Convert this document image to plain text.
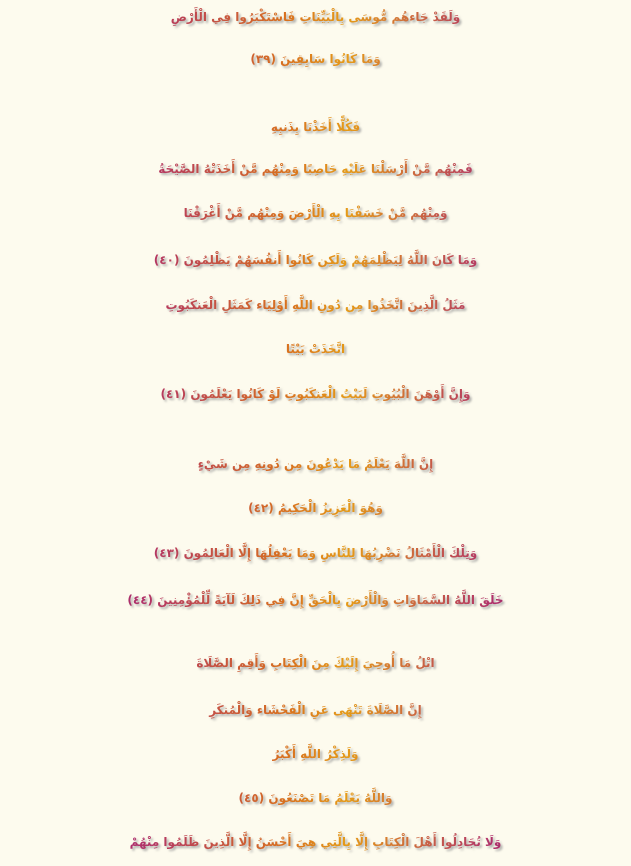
وَلَقَدْ جَاءهُم مُّوسَى بِالْبَيِّنَاتِ فَاسْتَكْبَرُوا فِي الْأَرْضِ
وَمَا كَانُوا سَابِقِينَ (٣٩)
فَكُلًّا أَخَذْنَا بِذَنبِهِ
فَمِنْهُم مَّنْ أَرْسَلْنَا عَلَيْهِ حَاصِبًا وَمِنْهُم مَّنْ أَخَذَتْهُ الصَّيْحَةُ
وَمِنْهُم مَّنْ خَسَفْنَا بِهِ الْأَرْضَ وَمِنْهُم مَّنْ أَغْرَقْنَا
وَمَا كَانَ اللَّهُ لِيَظْلِمَهُمْ وَلَكِن كَانُوا أَنفُسَهُمْ يَظْلِمُونَ (٤٠)
مَثَلُ الَّذِينَ اتَّخَذُوا مِن دُونِ اللَّهِ أَوْلِيَاء كَمَثَلِ الْعَنكَبُوتِ
اتَّخَذَتْ بَيْتًا
وَإِنَّ أَوْهَنَ الْبُيُوتِ لَبَيْتُ الْعَنكَبُوتِ لَوْ كَانُوا يَعْلَمُونَ (٤١)
إِنَّ اللَّهَ يَعْلَمُ مَا يَدْعُونَ مِن دُونِهِ مِن شَيْءٍ
وَهُوَ الْعَزِيزُ الْحَكِيمُ (٤٢)
وَتِلْكَ الْأَمْثَالُ نَضْرِبُهَا لِلنَّاسِ وَمَا يَعْقِلُهَا إِلَّا الْعَالِمُونَ (٤٣)
خَلَقَ اللَّهُ السَّمَاوَاتِ وَالْأَرْضَ بِالْحَقِّ إِنَّ فِي ذَلِكَ لَآيَةً لِّلْمُؤْمِنِينَ (٤٤)
اتْلُ مَا أُوحِيَ إِلَيْكَ مِنَ الْكِتَابِ وَأَقِمِ الصَّلَاةَ
إِنَّ الصَّلَاةَ تَنْهَى عَنِ الْفَحْشَاء وَالْمُنكَرِ
وَلَذِكْرُ اللَّهِ أَكْبَرُ
وَاللَّهُ يَعْلَمُ مَا تَصْنَعُونَ (٤٥)
وَلَا تُجَادِلُوا أَهْلَ الْكِتَابِ إِلَّا بِالَّتِي هِيَ أَحْسَنُ إِلَّا الَّذِينَ ظَلَمُوا مِنْهُمْ
